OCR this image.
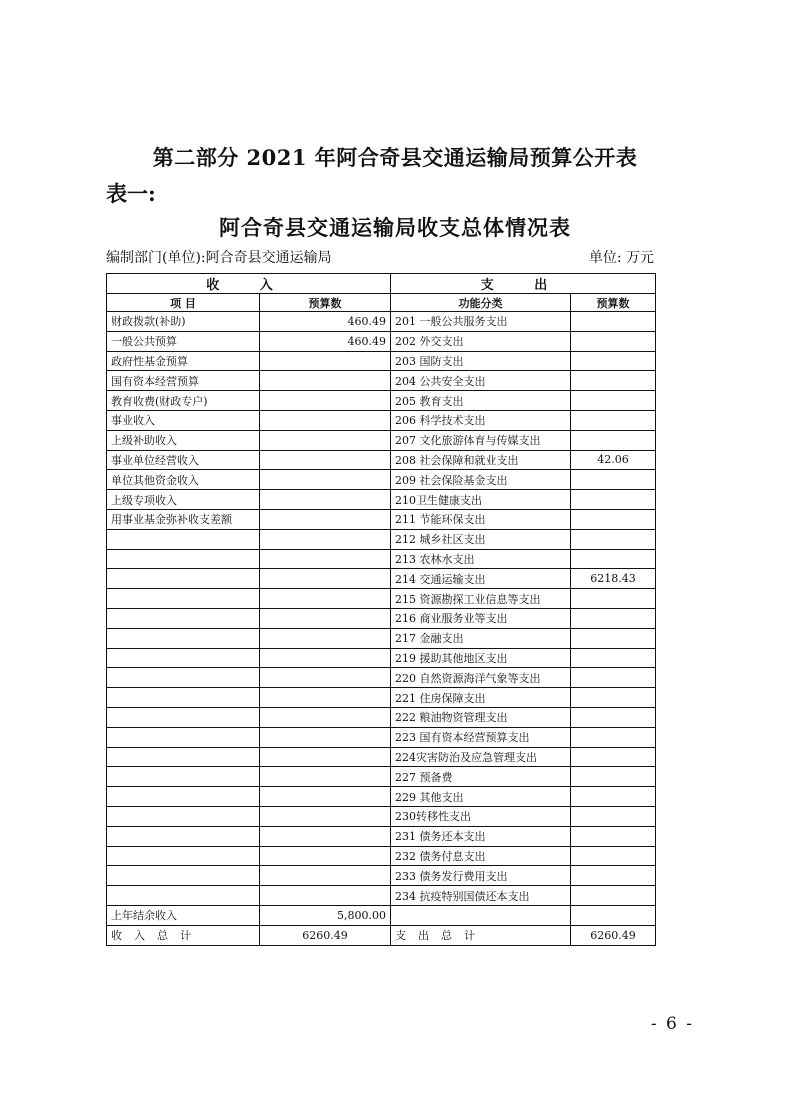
第二部分 2021 年阿合奇县交通运输局预算公开表
表一:
阿合奇县交通运输局收支总体情况表
编制部门(单位):阿合奇县交通运输局	单位: 万元
收 入		支 出	
项 目	预算数	功能分类	预算数
财政拨款(补助)	460.49	201 一般公共服务支出	
一般公共预算	460.49	202 外交支出	
政府性基金预算		203 国防支出	
国有资本经营预算		204 公共安全支出	
教育收费(财政专户)		205 教育支出	
事业收入		206 科学技术支出	
上级补助收入		207 文化旅游体育与传媒支出	
事业单位经营收入		208 社会保障和就业支出	42.06
单位其他资金收入		209 社会保险基金支出	
上级专项收入		210卫生健康支出	
用事业基金弥补收支差额		211 节能环保支出	
		212 城乡社区支出	
		213 农林水支出	
		214 交通运输支出	6218.43
		215 资源勘探工业信息等支出	
		216 商业服务业等支出	
		217 金融支出	
		219 援助其他地区支出	
		220 自然资源海洋气象等支出	
		221 住房保障支出	
		222 粮油物资管理支出	
		223 国有资本经营预算支出	
		224灾害防治及应急管理支出	
		227 预备费	
		229 其他支出	
		230转移性支出	
		231 债务还本支出	
		232 债务付息支出	
		233 债务发行费用支出	
		234 抗疫特别国债还本支出	
上年结余收入	5,800.00		
收入总计	6260.49	支出总计	6260.49
- 6 -
